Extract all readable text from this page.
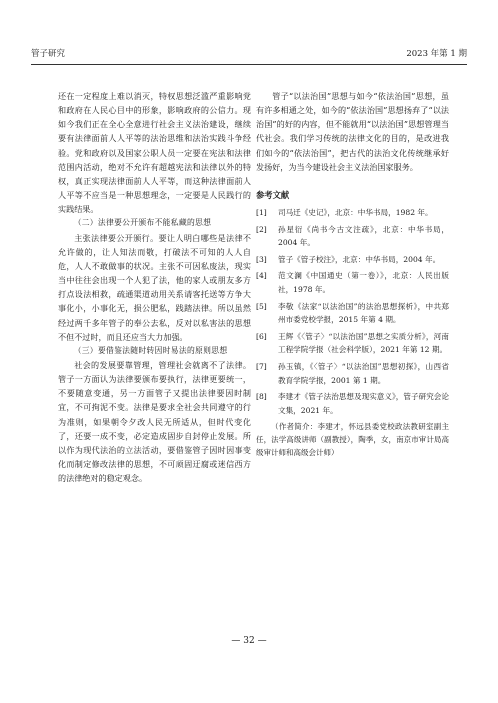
管子研究	2023 年第 1 期

还在一定程度上难以消灭，特权思想泛滥严重影响党和政府在人民心目中的形象，影响政府的公信力。现如今我们正在全心全意进行社会主义法治建设，继续要有法律面前人人平等的法治思维和法治实践斗争经验。党和政府以及国家公职人员一定要在宪法和法律范围内活动，绝对不允许有超越宪法和法律以外的特权，真正实现法律面前人人平等，而这种法律面前人人平等不应当是一种思想理念，一定要是人民践行的实践结果。

（二）法律要公开颁布不能私藏的思想

主张法律要公开颁行。要让人明白哪些是法律不允许做的，让人知法而敬，打破法不可知的人人自危，人人不敢做事的状况。主张不可因私废法，现实当中往往会出现一个人犯了法，他的家人或朋友多方打点设法相救，疏通渠道动用关系请客托送等方争大事化小，小事化无，损公肥私，践踏法律。所以虽然经过两千多年管子的奉公去私，反对以私害法的思想不但不过时，而且还应当大力加强。

（三）要借鉴法随时转因时易法的原则思想

社会的发展要靠管理，管理社会就离不了法律。管子一方面认为法律要颁布要执行，法律更要统一，不要随意变通，另一方面管子又提出法律要因时制宜，不可拘泥不变。法律是要求全社会共同遵守的行为准则，如果朝令夕改人民无所适从，但时代变化了，还要一成不变，必定造成固步自封停止发展。所以作为现代法治的立法活动，要借鉴管子因时因事变化而制定修改法律的思想，不可顽固迂腐或迷信西方的法律绝对的稳定观念。

管子“以法治国”思想与如今“依法治国”思想，虽有许多相通之处，如今的“依法治国”思想扬弃了“以法治国”的好的内容，但不能就用“以法治国”思想管理当代社会。我们学习传统的法律文化的目的，是改进我们如今的“依法治国”，把古代的法治文化传统继承好发扬好，为当今建设社会主义法治国家服务。

参考文献
[1]	司马迁《史记》，北京：中华书局，1982 年。
[2]	孙星衍《尚书今古文注疏》，北京：中华书局，2004 年。
[3]	管子《管子校注》，北京：中华书局，2004 年。
[4]	范文澜《中国通史（第一卷）》，北京：人民出版社，1978 年。
[5]	李敬《法家“以法治国”的法治思想探析》，中共郑州市委党校学报，2015 年第 4 期。
[6]	王辉《〈管子〉“以法治国”思想之实质分析》，河南工程学院学报（社会科学版），2021 年第 12 期。
[7]	孙玉镇，《〈管子〉“以法治国”思想初探》，山西省教育学院学报，2001 第 1 期。
[8]	李建才《管子法治思想及现实意义》，管子研究会论文集，2021 年。

（作者简介：李建才，怀远县委党校政法教研室副主任，法学高级讲师（副教授），陶季，女，南京市审计局高级审计师和高级会计师）

— 32 —
